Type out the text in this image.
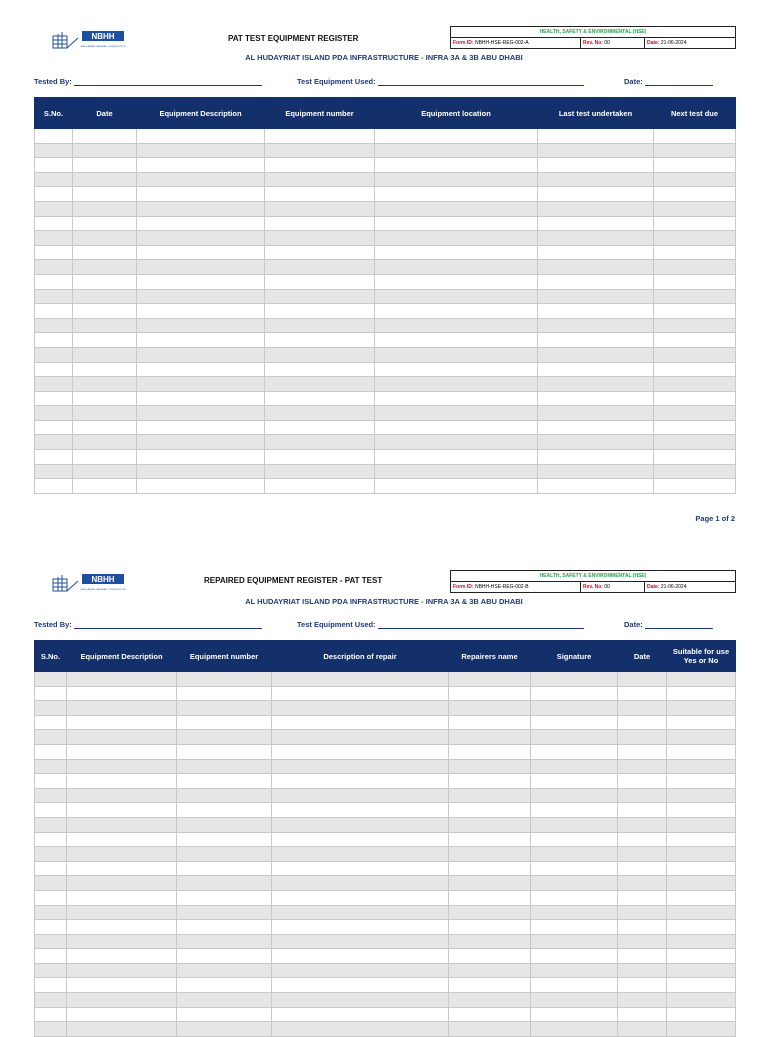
NBHH
NAS & AHMED HANSHALI CONSTRUCTION
PAT TEST EQUIPMENT REGISTER
HEALTH, SAFETY & ENVIRONMENTAL (HSE)
Form ID: NBHH-HSE-REG-002-A	Rev. No: 00	Date: 21-06-2024
AL HUDAYRIAT ISLAND PDA INFRASTRUCTURE - INFRA 3A & 3B ABU DHABI
Tested By:	Test Equipment Used:	Date:
S.No.	Date	Equipment Description	Equipment number	Equipment location	Last test undertaken	Next test due

Page 1 of 2
NBHH
NAS & AHMED HANSHALI CONSTRUCTION
REPAIRED EQUIPMENT REGISTER - PAT TEST	HEALTH, SAFETY & ENVIRONMENTAL (HSE)
Form ID: NBHH-HSE-REG-002-B	Rev. No: 00	Date: 21-06-2024
AL HUDAYRIAT ISLAND PDA INFRASTRUCTURE - INFRA 3A & 3B ABU DHABI
Tested By:	Test Equipment Used:	Date:
S.No.	Equipment Description	Equipment number	Description of repair	Repairers name	Signature	Date	Suitable for use Yes or No
